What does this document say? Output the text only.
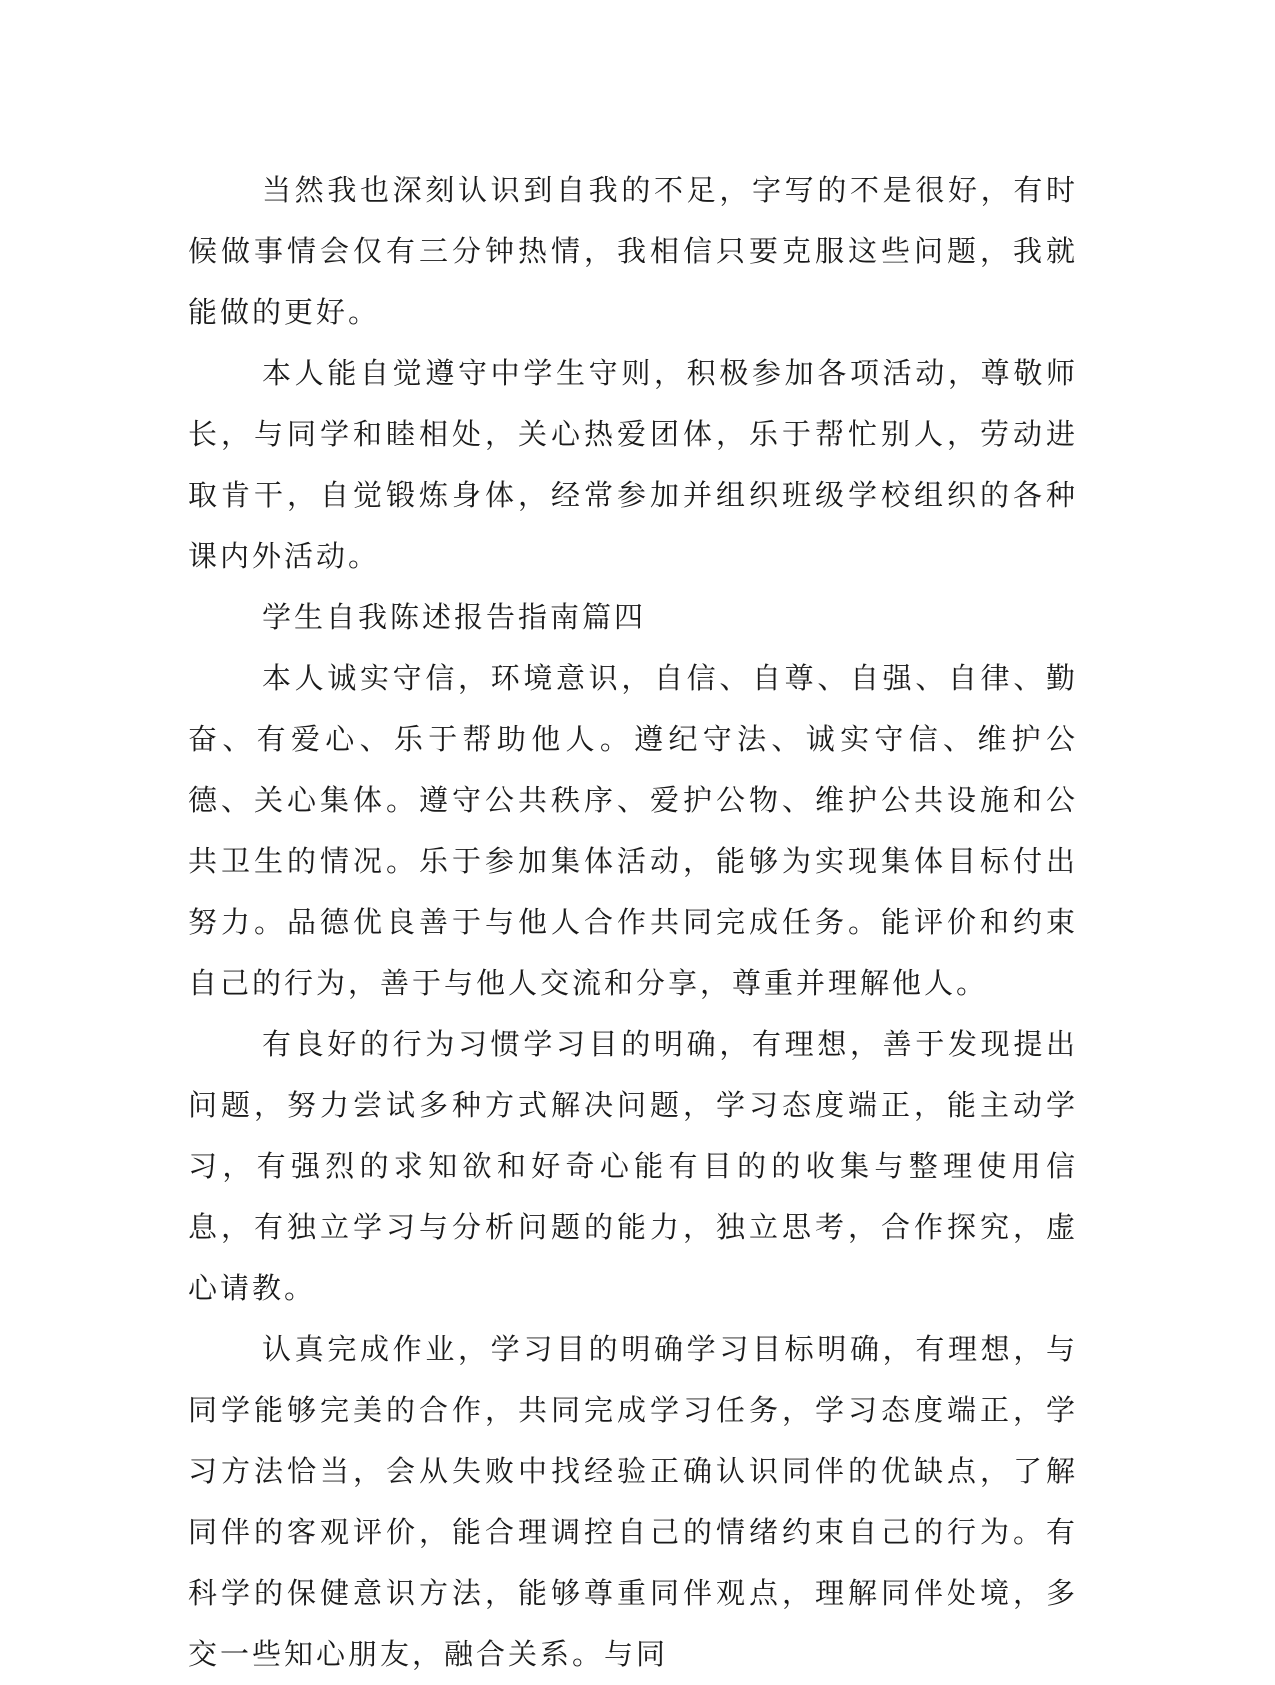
当然我也深刻认识到自我的不足，字写的不是很好，有时候做事情会仅有三分钟热情，我相信只要克服这些问题，我就能做的更好。

本人能自觉遵守中学生守则，积极参加各项活动，尊敬师长，与同学和睦相处，关心热爱团体，乐于帮忙别人，劳动进取肯干，自觉锻炼身体，经常参加并组织班级学校组织的各种课内外活动。

学生自我陈述报告指南篇四

本人诚实守信，环境意识，自信、自尊、自强、自律、勤奋、有爱心、乐于帮助他人。遵纪守法、诚实守信、维护公德、关心集体。遵守公共秩序、爱护公物、维护公共设施和公共卫生的情况。乐于参加集体活动，能够为实现集体目标付出努力。品德优良善于与他人合作共同完成任务。能评价和约束自己的行为，善于与他人交流和分享，尊重并理解他人。

有良好的行为习惯学习目的明确，有理想，善于发现提出问题，努力尝试多种方式解决问题，学习态度端正，能主动学习，有强烈的求知欲和好奇心能有目的的收集与整理使用信息，有独立学习与分析问题的能力，独立思考，合作探究，虚心请教。

认真完成作业，学习目的明确学习目标明确，有理想，与同学能够完美的合作，共同完成学习任务，学习态度端正，学习方法恰当，会从失败中找经验正确认识同伴的优缺点，了解同伴的客观评价，能合理调控自己的情绪约束自己的行为。有科学的保健意识方法，能够尊重同伴观点，理解同伴处境，多交一些知心朋友，融合关系。与同
